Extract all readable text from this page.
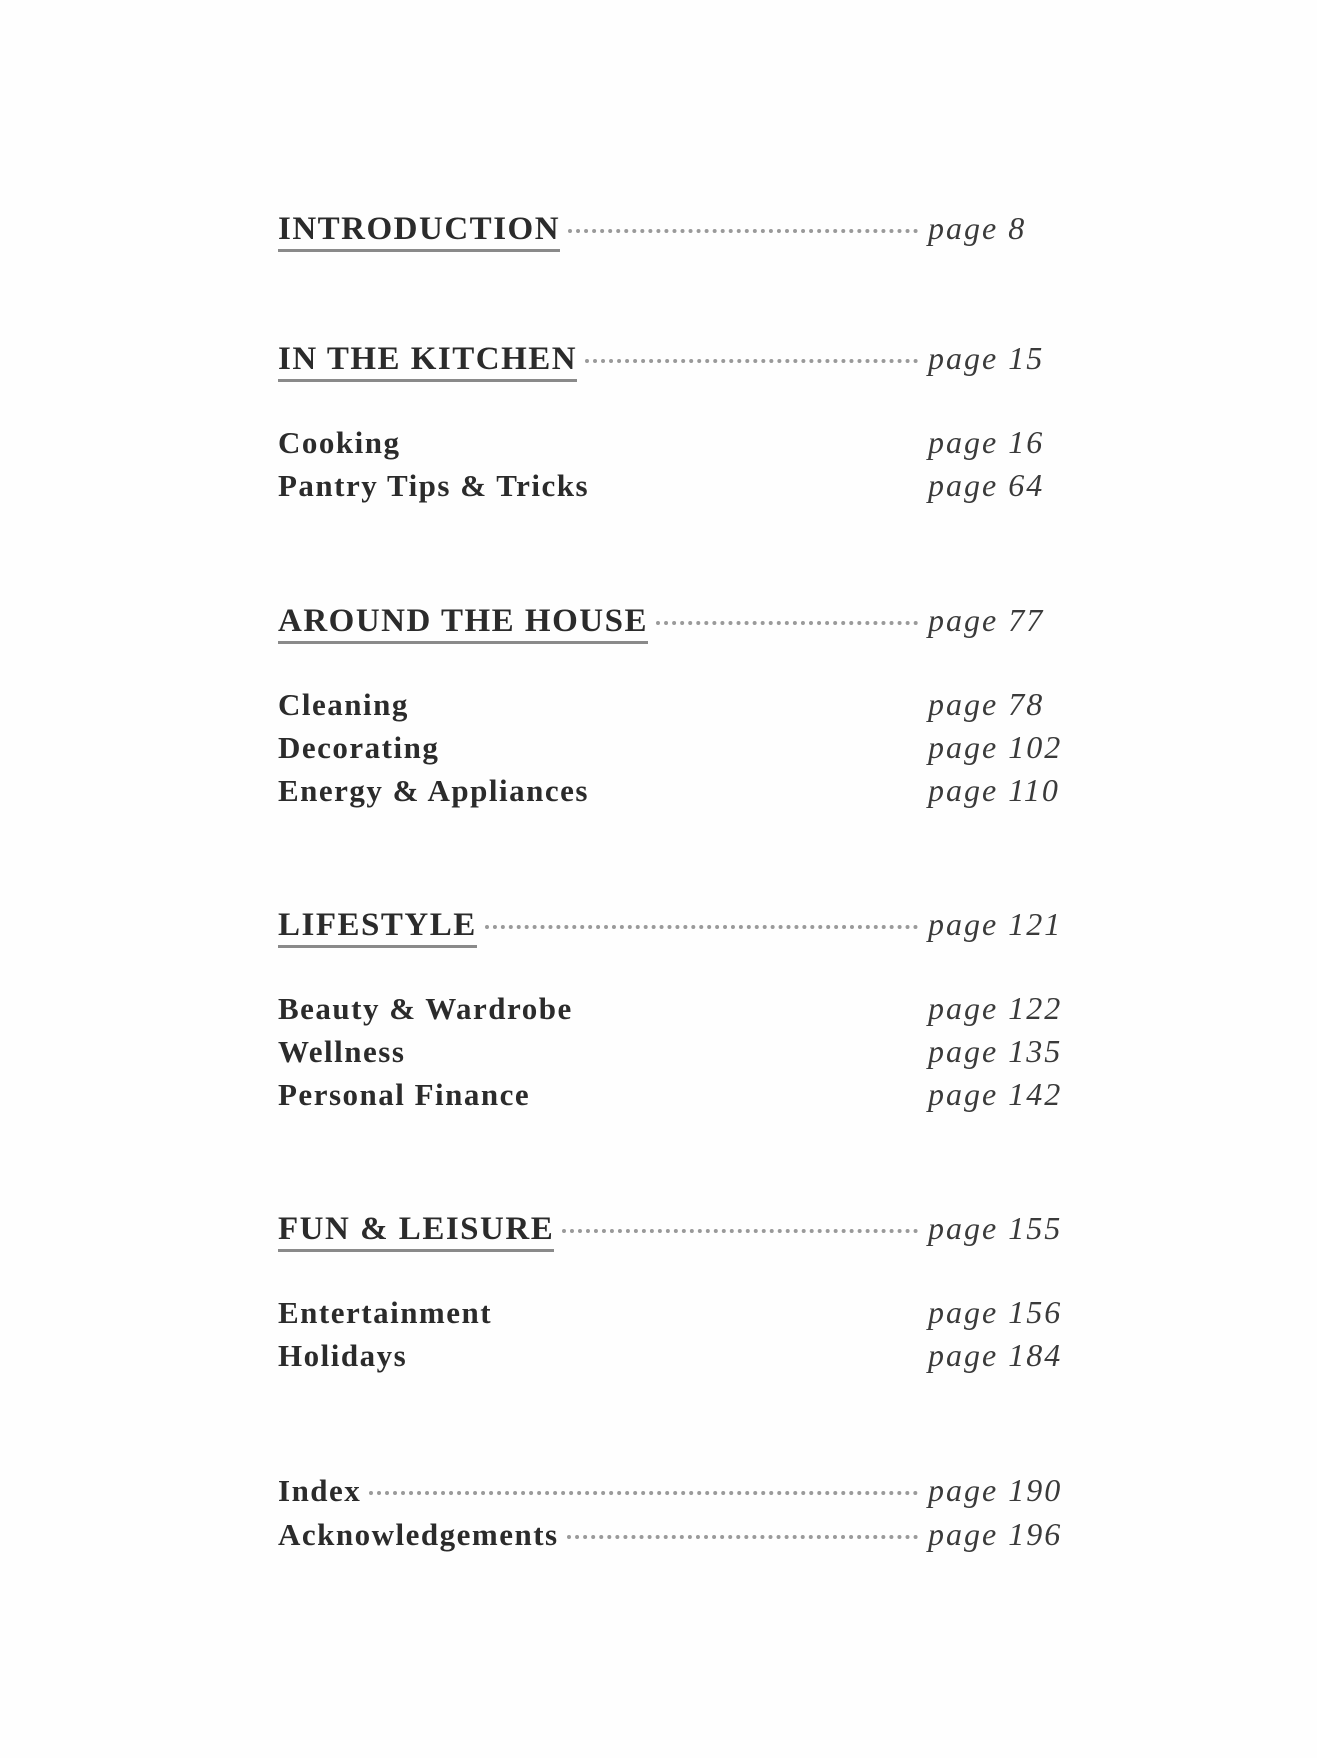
INTRODUCTION	page 8
IN THE KITCHEN	page 15
Cooking	page 16
Pantry Tips & Tricks	page 64
AROUND THE HOUSE	page 77
Cleaning	page 78
Decorating	page 102
Energy & Appliances	page 110
LIFESTYLE	page 121
Beauty & Wardrobe	page 122
Wellness	page 135
Personal Finance	page 142
FUN & LEISURE	page 155
Entertainment	page 156
Holidays	page 184
Index	page 190
Acknowledgements	page 196
